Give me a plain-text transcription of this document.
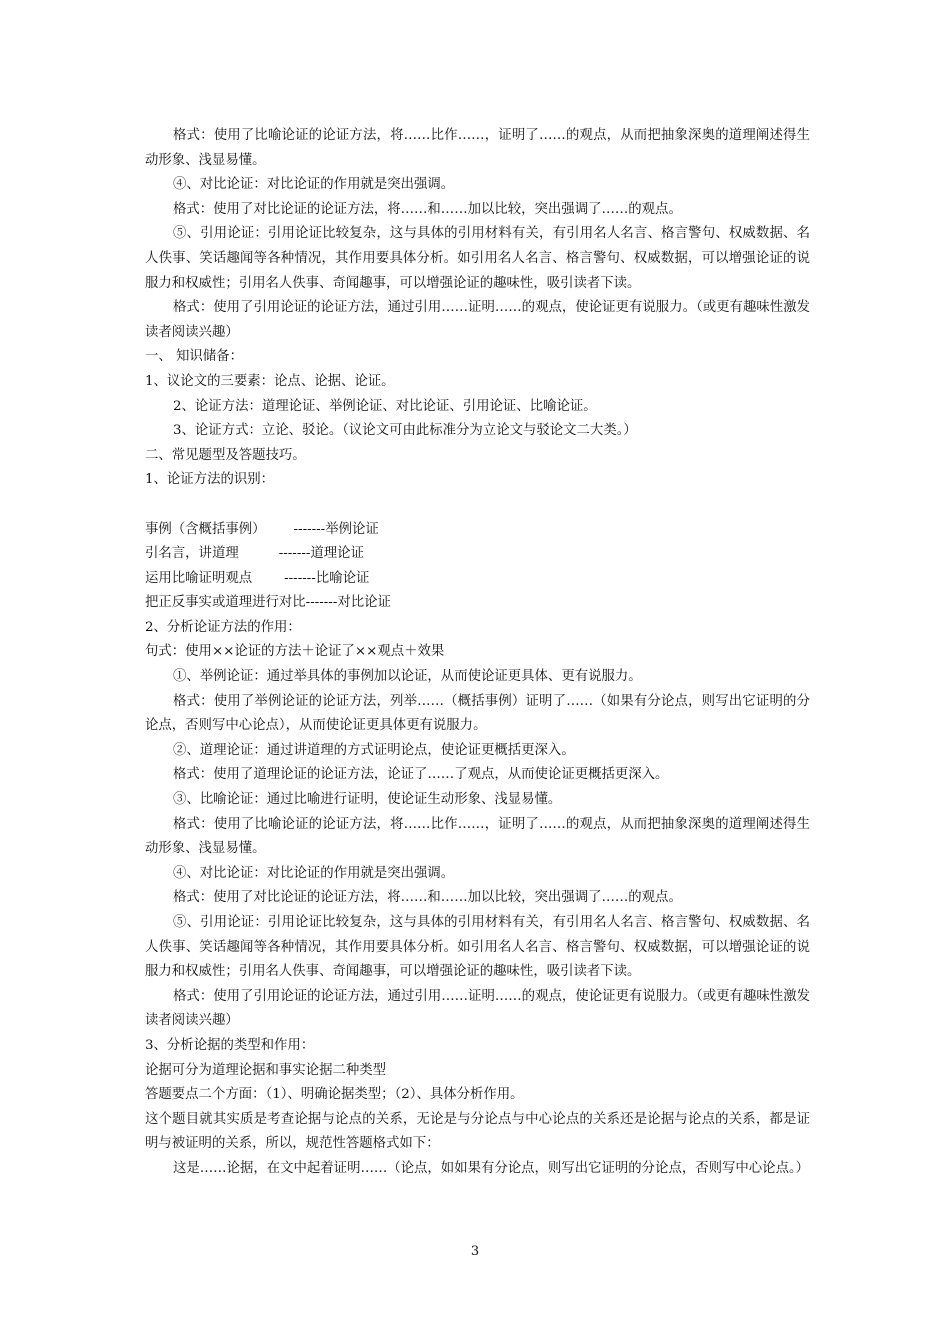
格式：使用了比喻论证的论证方法，将……比作……，证明了……的观点，从而把抽象深奥的道理阐述得生动形象、浅显易懂。

④、对比论证：对比论证的作用就是突出强调。

格式：使用了对比论证的论证方法，将……和……加以比较，突出强调了……的观点。

⑤、引用论证：引用论证比较复杂，这与具体的引用材料有关，有引用名人名言、格言警句、权威数据、名人佚事、笑话趣闻等各种情况，其作用要具体分析。如引用名人名言、格言警句、权威数据，可以增强论证的说服力和权威性；引用名人佚事、奇闻趣事，可以增强论证的趣味性，吸引读者下读。

格式：使用了引用论证的论证方法，通过引用……证明……的观点，使论证更有说服力。（或更有趣味性激发读者阅读兴趣）

一、 知识储备：

1、议论文的三要素：论点、论据、论证。

2、论证方法：道理论证、举例论证、对比论证、引用论证、比喻论证。

3、论证方式：立论、驳论。（议论文可由此标准分为立论文与驳论文二大类。）

二、常见题型及答题技巧。

1、论证方法的识别：

事例（含概括事例） -------举例论证

引名言，讲道理	-------道理论证

运用比喻证明观点 -------比喻论证

把正反事实或道理进行对比-------对比论证

2、分析论证方法的作用：

句式：使用××论证的方法＋论证了××观点＋效果

①、举例论证：通过举具体的事例加以论证，从而使论证更具体、更有说服力。

格式：使用了举例论证的论证方法，列举……（概括事例）证明了……（如果有分论点，则写出它证明的分论点，否则写中心论点），从而使论证更具体更有说服力。

②、道理论证：通过讲道理的方式证明论点，使论证更概括更深入。

格式：使用了道理论证的论证方法，论证了……了观点，从而使论证更概括更深入。

③、比喻论证：通过比喻进行证明，使论证生动形象、浅显易懂。

格式：使用了比喻论证的论证方法，将……比作……，证明了……的观点，从而把抽象深奥的道理阐述得生动形象、浅显易懂。

④、对比论证：对比论证的作用就是突出强调。

格式：使用了对比论证的论证方法，将……和……加以比较，突出强调了……的观点。

⑤、引用论证：引用论证比较复杂，这与具体的引用材料有关，有引用名人名言、格言警句、权威数据、名人佚事、笑话趣闻等各种情况，其作用要具体分析。如引用名人名言、格言警句、权威数据，可以增强论证的说服力和权威性；引用名人佚事、奇闻趣事，可以增强论证的趣味性，吸引读者下读。

格式：使用了引用论证的论证方法，通过引用……证明……的观点，使论证更有说服力。（或更有趣味性激发读者阅读兴趣）

3、分析论据的类型和作用：

论据可分为道理论据和事实论据二种类型

答题要点二个方面：（1）、明确论据类型；（2）、具体分析作用。

这个题目就其实质是考查论据与论点的关系，无论是与分论点与中心论点的关系还是论据与论点的关系，都是证明与被证明的关系，所以，规范性答题格式如下：

这是……论据，在文中起着证明……（论点，如如果有分论点，则写出它证明的分论点，否则写中心论点。）

3
